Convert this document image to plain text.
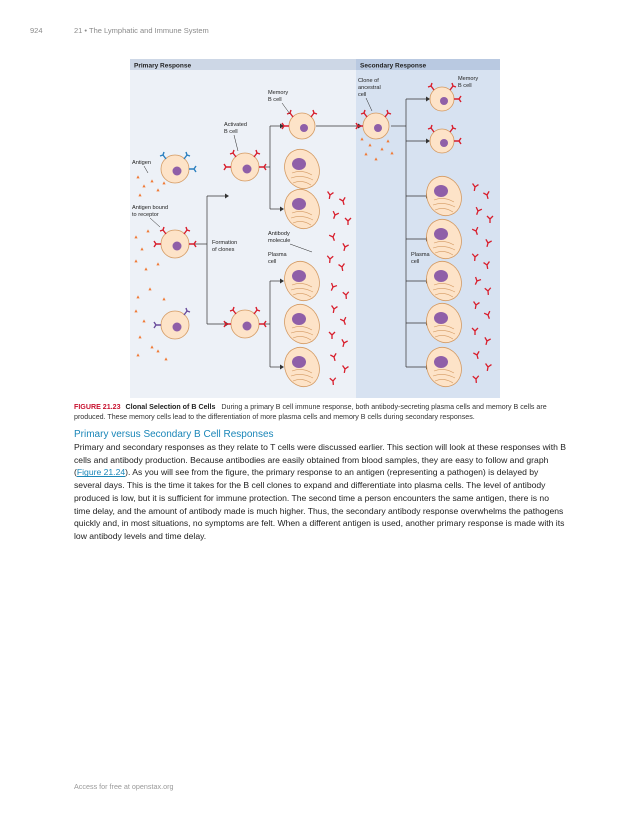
924	21 • The Lymphatic and Immune System
Primary Response	Secondary Response
Antigen
Antigen bound
to receptor
Activated
B cell
Memory
B cell
Formation
of clones
Antibody
molecule
Plasma
cell
Clone of
ancestral
cell
Memory
B cell
Plasma
cell

FIGURE 21.23 Clonal Selection of B Cells During a primary B cell immune response, both antibody-secreting plasma cells and memory B cells are produced. These memory cells lead to the differentiation of more plasma cells and memory B cells during secondary responses.

Primary versus Secondary B Cell Responses

Primary and secondary responses as they relate to T cells were discussed earlier. This section will look at these responses with B cells and antibody production. Because antibodies are easily obtained from blood samples, they are easy to follow and graph (Figure 21.24). As you will see from the figure, the primary response to an antigen (representing a pathogen) is delayed by several days. This is the time it takes for the B cell clones to expand and differentiate into plasma cells. The level of antibody produced is low, but it is sufficient for immune protection. The second time a person encounters the same antigen, there is no time delay, and the amount of antibody made is much higher. Thus, the secondary antibody response overwhelms the pathogens quickly and, in most situations, no symptoms are felt. When a different antigen is used, another primary response is made with its low antibody levels and time delay.

Access for free at openstax.org
